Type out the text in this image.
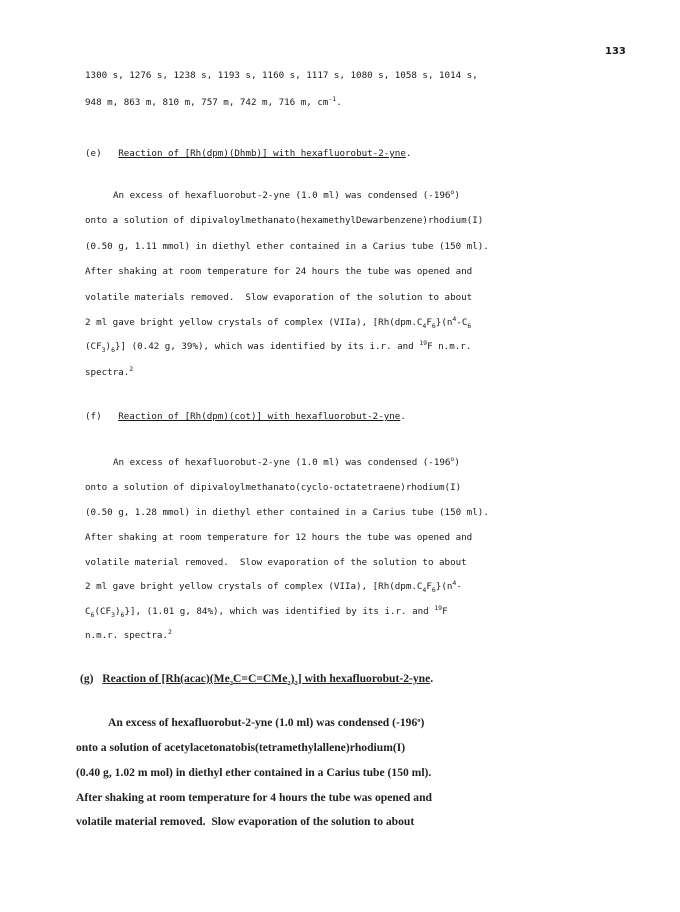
133
1300 s, 1276 s, 1238 s, 1193 s, 1160 s, 1117 s, 1080 s, 1058 s, 1014 s,
948 m, 863 m, 810 m, 757 m, 742 m, 716 m, $cm^{-1}$.
(e) Reaction of [Rh(dpm)(Dhmb)] with hexafluorobut-2-yne.
An excess of hexafluorobut-2-yne (1.0 ml) was condensed (-196$^o$)
onto a solution of dipivaloylmethanato(hexamethylDewarbenzene)rhodium(I)
(0.50 g, 1.11 mmol) in diethyl ether contained in a Carius tube (150 ml).
After shaking at room temperature for 24 hours the tube was opened and
volatile materials removed.  Slow evaporation of the solution to about
2 ml gave bright yellow crystals of complex (VIIa), [$Rh(dpm.C_4F_6\}(n^4-C_6$
$(CF_3)_6$}] (0.42 g, 39%), which was identified by its i.r. and $^{19}$F n.m.r.
spectra.$^2$
(f) Reaction of [Rh(dpm)(cot)] with hexafluorobut-2-yne.
An excess of hexafluorobut-2-yne (1.0 ml) was condensed (-196$^o$)
onto a solution of dipivaloylmethanato(cyclo-octatetraene)rhodium(I)
(0.50 g, 1.28 mmol) in diethyl ether contained in a Carius tube (150 ml).
After shaking at room temperature for 12 hours the tube was opened and
volatile material removed.  Slow evaporation of the solution to about
2 ml gave bright yellow crystals of complex (VIIa), [$Rh(dpm.C_4F_6\}(n^4-$
$C_6(CF_3)_6$}], (1.01 g, 84%), which was identified by its i.r. and $^{19}$F
n.m.r. spectra.$^2$
(g) Reaction of $[Rh(acac)(Me_2C=C=CMe_2)_2]$ with hexafluorobut-2-yne.
An excess of hexafluorobut-2-yne (1.0 ml) was condensed (-196$^o$)
onto a solution of acetylacetonatobis(tetramethylallene)rhodium(I)
(0.40 g, 1.02 m mol) in diethyl ether contained in a Carius tube (150 ml).
After shaking at room temperature for 4 hours the tube was opened and
volatile material removed.  Slow evaporation of the solution to about
